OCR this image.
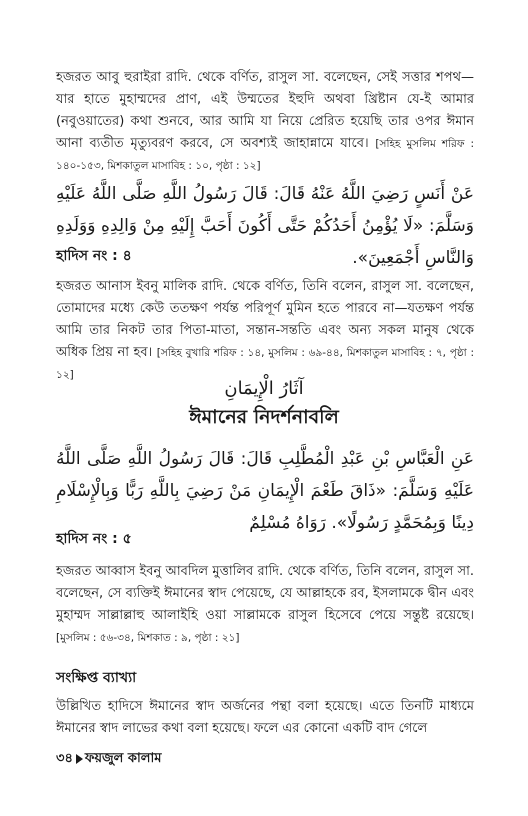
হজরত আবু হুরাইরা রাদি. থেকে বর্ণিত, রাসুল সা. বলেছেন, সেই সত্তার শপথ—যার হাতে মুহাম্মদের প্রাণ, এই উম্মতের ইহুদি অথবা খ্রিষ্টান যে-ই আমার (নবুওয়াতের) কথা শুনবে, আর আমি যা নিয়ে প্রেরিত হয়েছি তার ওপর ঈমান আনা ব্যতীত মৃত্যুবরণ করবে, সে অবশ্যই জাহান্নামে যাবে। [সহিহ মুসলিম শরিফ : ১৪০-১৫৩, মিশকাতুল মাসাবিহ : ১০, পৃষ্ঠা : ১২]

عَنْ أَنَسٍ رَضِيَ اللَّهُ عَنْهُ قَالَ: قَالَ رَسُولُ اللَّهِ صَلَّى اللَّهُ عَلَيْهِ وَسَلَّمَ: «لَا يُؤْمِنُ أَحَدُكُمْ حَتَّى أَكُونَ أَحَبَّ إِلَيْهِ مِنْ وَالِدِهِ وَوَلَدِهِ وَالنَّاسِ أَجْمَعِينَ».

হাদিস নং : ৪

হজরত আনাস ইবনু মালিক রাদি. থেকে বর্ণিত, তিনি বলেন, রাসুল সা. বলেছেন, তোমাদের মধ্যে কেউ ততক্ষণ পর্যন্ত পরিপূর্ণ মুমিন হতে পারবে না—যতক্ষণ পর্যন্ত আমি তার নিকট তার পিতা-মাতা, সন্তান-সন্ততি এবং অন্য সকল মানুষ থেকে অধিক প্রিয় না হব। [সহিহ বুখারি শরিফ : ১৪, মুসলিম : ৬৯-৪৪, মিশকাতুল মাসাবিহ : ৭, পৃষ্ঠা : ১২]

آثَارُ الْإِيمَانِ

ঈমানের নিদর্শনাবলি

عَنِ الْعَبَّاسِ بْنِ عَبْدِ الْمُطَّلِبِ قَالَ: قَالَ رَسُولُ اللَّهِ صَلَّى اللَّهُ عَلَيْهِ وَسَلَّمَ: «ذَاقَ طَعْمَ الْإِيمَانِ مَنْ رَضِيَ بِاللَّهِ رَبًّا وَبِالْإِسْلَامِ دِينًا وَبِمُحَمَّدٍ رَسُولًا». رَوَاهُ مُسْلِمٌ

হাদিস নং : ৫

হজরত আব্বাস ইবনু আবদিল মুত্তালিব রাদি. থেকে বর্ণিত, তিনি বলেন, রাসুল সা. বলেছেন, সে ব্যক্তিই ঈমানের স্বাদ পেয়েছে, যে আল্লাহকে রব, ইসলামকে দ্বীন এবং মুহাম্মদ সাল্লাল্লাহু আলাইহি ওয়া সাল্লামকে রাসুল হিসেবে পেয়ে সন্তুষ্ট রয়েছে। [মুসলিম : ৫৬-৩৪, মিশকাত : ৯, পৃষ্ঠা : ২১]

সংক্ষিপ্ত ব্যাখ্যা

উল্লিখিত হাদিসে ঈমানের স্বাদ অর্জনের পন্থা বলা হয়েছে। এতে তিনটি মাধ্যমে ঈমানের স্বাদ লাভের কথা বলা হয়েছে। ফলে এর কোনো একটি বাদ গেলে

৩৪ ফয়জুল কালাম
